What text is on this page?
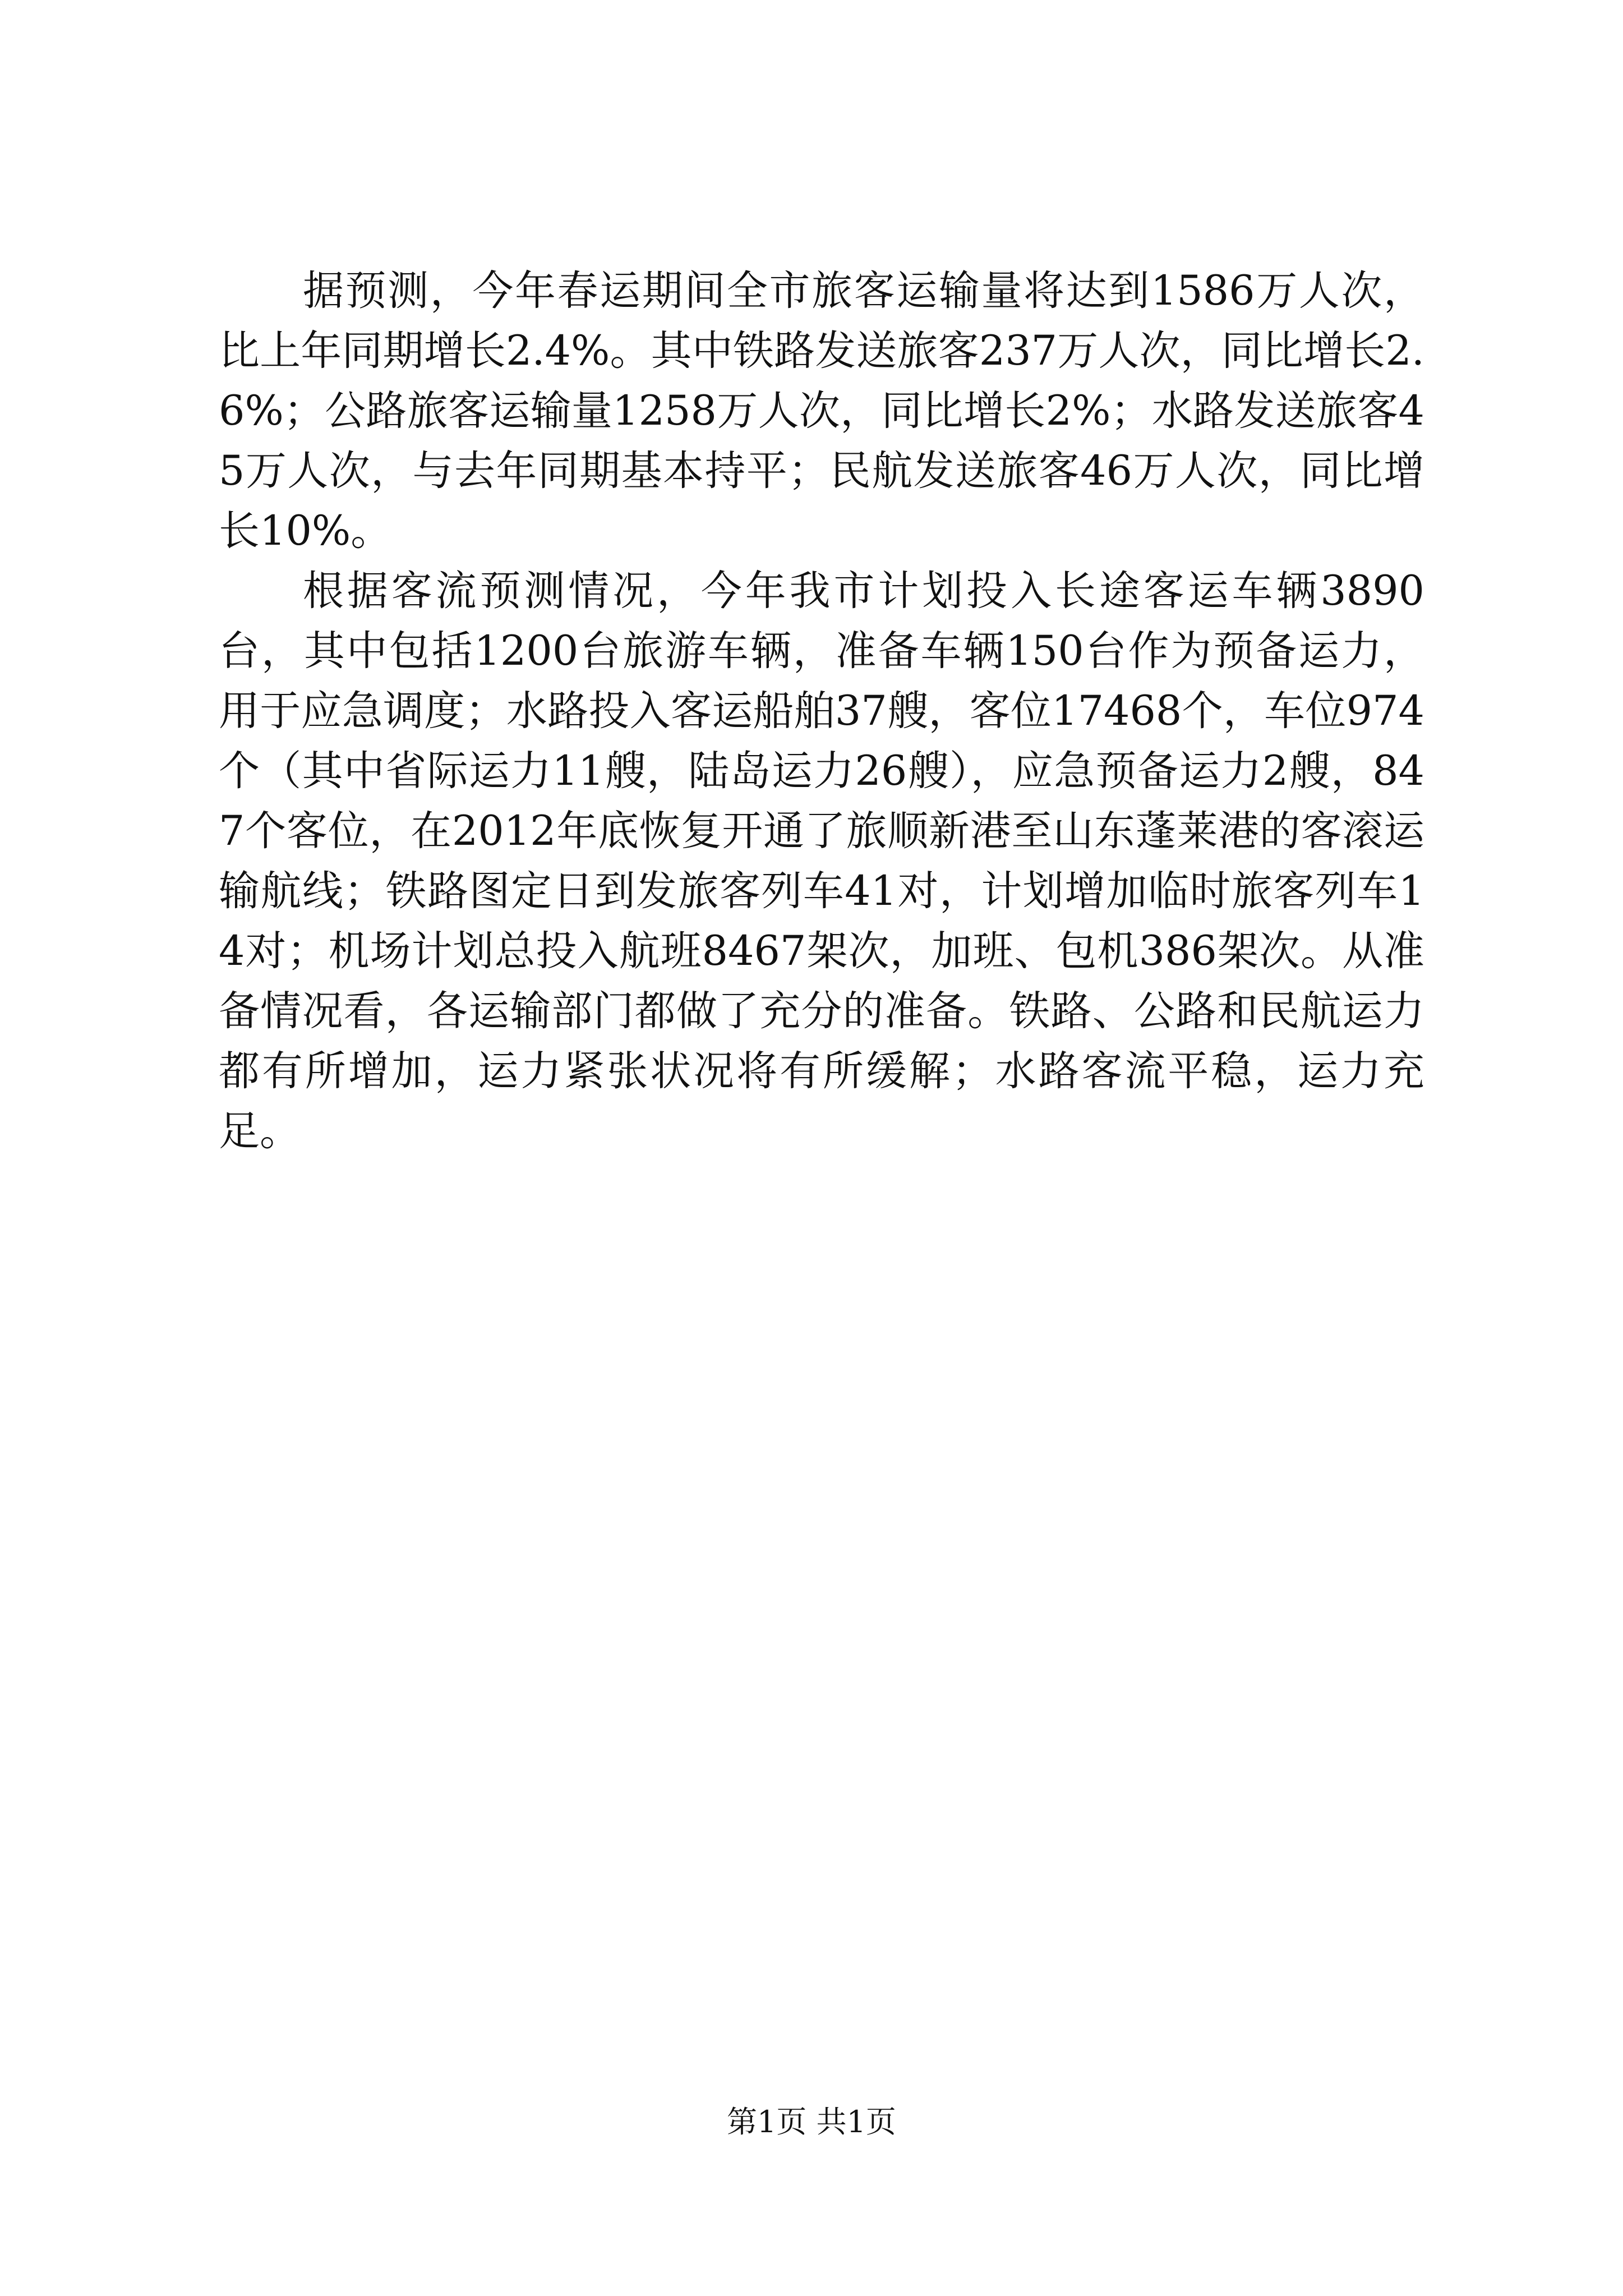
据预测，今年春运期间全市旅客运输量将达到1586万人次，比上年同期增长2.4%。其中铁路发送旅客237万人次，同比增长2.6%；公路旅客运输量1258万人次，同比增长2%；水路发送旅客45万人次，与去年同期基本持平；民航发送旅客46万人次，同比增长10%。

根据客流预测情况，今年我市计划投入长途客运车辆3890台，其中包括1200台旅游车辆，准备车辆150台作为预备运力，用于应急调度；水路投入客运船舶37艘，客位17468个，车位974个（其中省际运力11艘，陆岛运力26艘），应急预备运力2艘，847个客位，在2012年底恢复开通了旅顺新港至山东蓬莱港的客滚运输航线；铁路图定日到发旅客列车41对，计划增加临时旅客列车14对；机场计划总投入航班8467架次，加班、包机386架次。从准备情况看，各运输部门都做了充分的准备。铁路、公路和民航运力都有所增加，运力紧张状况将有所缓解；水路客流平稳，运力充足。

第1页 共1页
